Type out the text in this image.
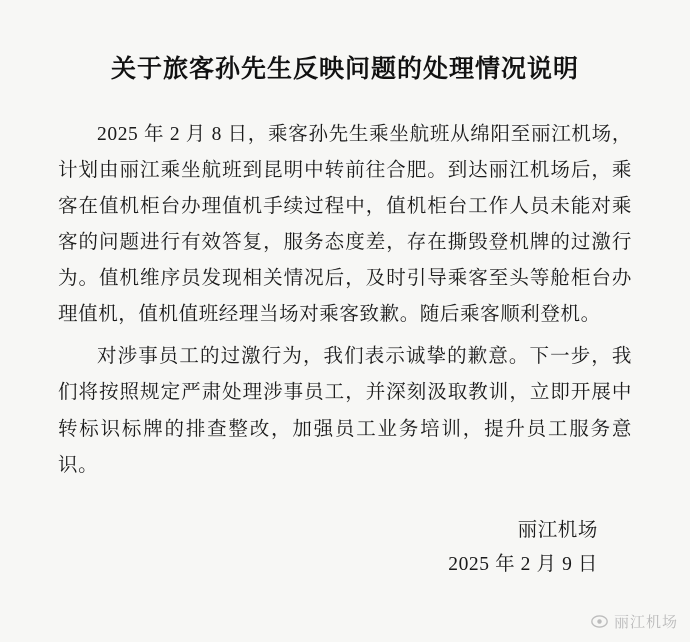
关于旅客孙先生反映问题的处理情况说明

2025 年 2 月 8 日，乘客孙先生乘坐航班从绵阳至丽江机场，计划由丽江乘坐航班到昆明中转前往合肥。到达丽江机场后，乘客在值机柜台办理值机手续过程中，值机柜台工作人员未能对乘客的问题进行有效答复，服务态度差，存在撕毁登机牌的过激行为。值机维序员发现相关情况后，及时引导乘客至头等舱柜台办理值机，值机值班经理当场对乘客致歉。随后乘客顺利登机。

对涉事员工的过激行为，我们表示诚挚的歉意。下一步，我们将按照规定严肃处理涉事员工，并深刻汲取教训，立即开展中转标识标牌的排查整改，加强员工业务培训，提升员工服务意识。

丽江机场
2025 年 2 月 9 日
丽江机场
